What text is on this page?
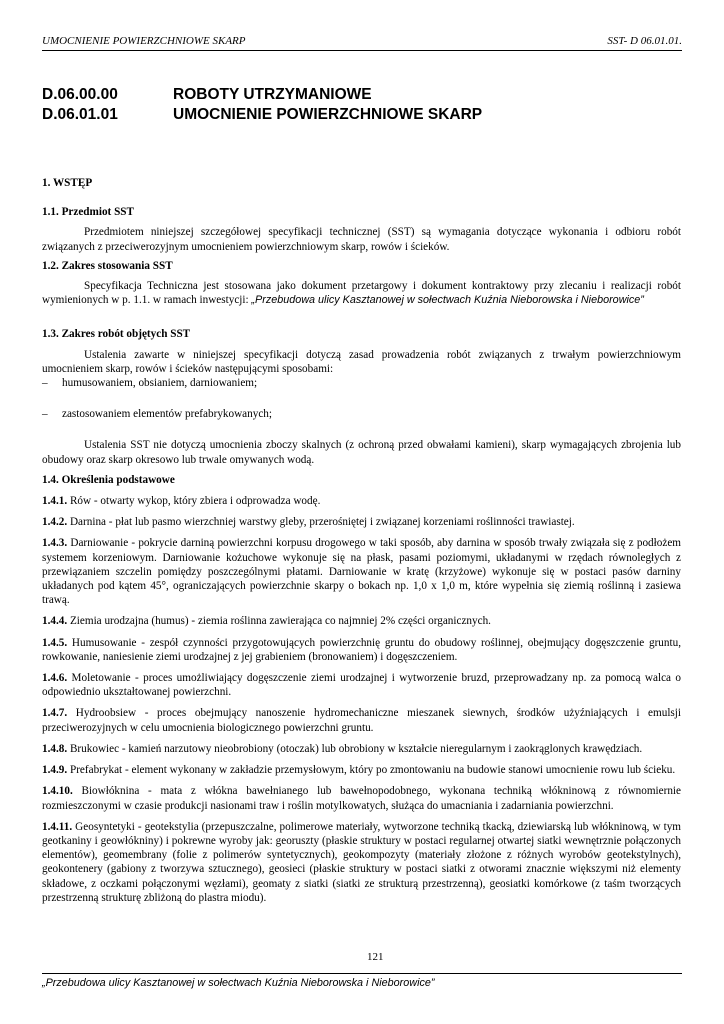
UMOCNIENIE POWIERZCHNIOWE SKARP	SST- D 06.01.01.
D.06.00.00	ROBOTY UTRZYMANIOWE
D.06.01.01	UMOCNIENIE POWIERZCHNIOWE SKARP

1. WSTĘP

1.1. Przedmiot SST

Przedmiotem niniejszej szczegółowej specyfikacji technicznej (SST) są wymagania dotyczące wykonania i odbioru robót związanych z przeciwerozyjnym umocnieniem powierzchniowym skarp, rowów i ścieków.

1.2. Zakres stosowania SST

Specyfikacja Techniczna jest stosowana jako dokument przetargowy i dokument kontraktowy przy zlecaniu i realizacji robót wymienionych w p. 1.1. w ramach inwestycji: „Przebudowa ulicy Kasztanowej w sołectwach Kuźnia Nieborowska i Nieborowice”

1.3. Zakres robót objętych SST

Ustalenia zawarte w niniejszej specyfikacji dotyczą zasad prowadzenia robót związanych z trwałym powierzchniowym umocnieniem skarp, rowów i ścieków następującymi sposobami:

–	humusowaniem, obsianiem, darniowaniem;
–	zastosowaniem elementów prefabrykowanych;

Ustalenia SST nie dotyczą umocnienia zboczy skalnych (z ochroną przed obwałami kamieni), skarp wymagających zbrojenia lub obudowy oraz skarp okresowo lub trwale omywanych wodą.

1.4. Określenia podstawowe

1.4.1. Rów - otwarty wykop, który zbiera i odprowadza wodę.

1.4.2. Darnina - płat lub pasmo wierzchniej warstwy gleby, przerośniętej i związanej korzeniami roślinności trawiastej.

1.4.3. Darniowanie - pokrycie darniną powierzchni korpusu drogowego w taki sposób, aby darnina w sposób trwały związała się z podłożem systemem korzeniowym. Darniowanie kożuchowe wykonuje się na płask, pasami poziomymi, układanymi w rzędach równoległych z przewiązaniem szczelin pomiędzy poszczególnymi płatami. Darniowanie w kratę (krzyżowe) wykonuje się w postaci pasów darniny układanych pod kątem 45°, ograniczających powierzchnie skarpy o bokach np. 1,0 x 1,0 m, które wypełnia się ziemią roślinną i zasiewa trawą.

1.4.4. Ziemia urodzajna (humus) - ziemia roślinna zawierająca co najmniej 2% części organicznych.

1.4.5. Humusowanie - zespół czynności przygotowujących powierzchnię gruntu do obudowy roślinnej, obejmujący dogęszczenie gruntu, rowkowanie, naniesienie ziemi urodzajnej z jej grabieniem (bronowaniem) i dogęszczeniem.

1.4.6. Moletowanie - proces umożliwiający dogęszczenie ziemi urodzajnej i wytworzenie bruzd, przeprowadzany np. za pomocą walca o odpowiednio ukształtowanej powierzchni.

1.4.7. Hydroobsiew - proces obejmujący nanoszenie hydromechaniczne mieszanek siewnych, środków użyźniających i emulsji przeciwerozyjnych w celu umocnienia biologicznego powierzchni gruntu.

1.4.8. Brukowiec - kamień narzutowy nieobrobiony (otoczak) lub obrobiony w kształcie nieregularnym i zaokrąglonych krawędziach.

1.4.9. Prefabrykat - element wykonany w zakładzie przemysłowym, który po zmontowaniu na budowie stanowi umocnienie rowu lub ścieku.

1.4.10. Biowłóknina - mata z włókna bawełnianego lub bawełnopodobnego, wykonana techniką włókninową z równomiernie rozmieszczonymi w czasie produkcji nasionami traw i roślin motylkowatych, służąca do umacniania i zadarniania powierzchni.

1.4.11. Geosyntetyki - geotekstylia (przepuszczalne, polimerowe materiały, wytworzone techniką tkacką, dziewiarską lub włókninową, w tym geotkaniny i geowłókniny) i pokrewne wyroby jak: georuszty (płaskie struktury w postaci regularnej otwartej siatki wewnętrznie połączonych elementów), geomembrany (folie z polimerów syntetycznych), geokompozyty (materiały złożone z różnych wyrobów geotekstylnych), geokontenery (gabiony z tworzywa sztucznego), geosieci (płaskie struktury w postaci siatki z otworami znacznie większymi niż elementy składowe, z oczkami połączonymi węzłami), geomaty z siatki (siatki ze strukturą przestrzenną), geosiatki komórkowe (z taśm tworzących przestrzenną strukturę zbliżoną do plastra miodu).

121
„Przebudowa ulicy Kasztanowej w sołectwach Kuźnia Nieborowska i Nieborowice”
